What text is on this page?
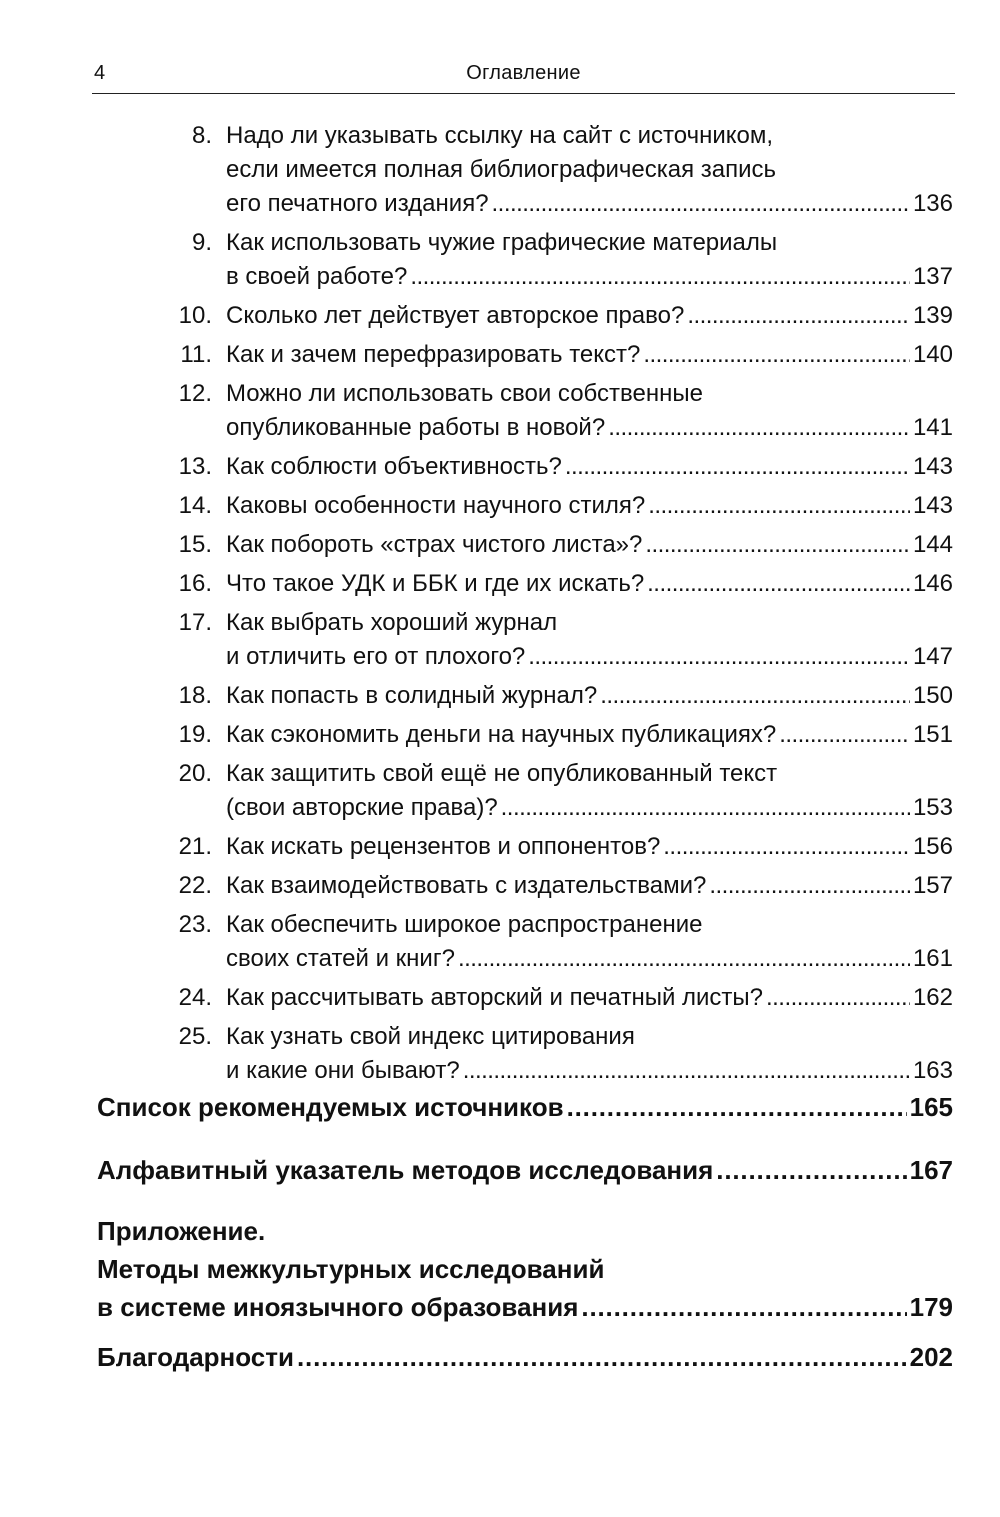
4	Оглавление
8. Надо ли указывать ссылку на сайт с источником,
если имеется полная библиографическая запись
его печатного издания? . . .	136
9. Как использовать чужие графические материалы
в своей работе? . . .	137
10. Сколько лет действует авторское право? . . .	139
11. Как и зачем перефразировать текст? . . .	140
12. Можно ли использовать свои собственные
опубликованные работы в новой? . . .	141
13. Как соблюсти объективность? . . .	143
14. Каковы особенности научного стиля? . . .	143
15. Как побороть «страх чистого листа»? . . .	144
16. Что такое УДК и ББК и где их искать? . . .	146
17. Как выбрать хороший журнал
и отличить его от плохого? . . .	147
18. Как попасть в солидный журнал? . . .	150
19. Как сэкономить деньги на научных публикациях? . . .	151
20. Как защитить свой ещё не опубликованный текст
(свои авторские права)? . . .	153
21. Как искать рецензентов и оппонентов? . . .	156
22. Как взаимодействовать с издательствами? . . .	157
23. Как обеспечить широкое распространение
своих статей и книг? . . .	161
24. Как рассчитывать авторский и печатный листы? . . .	162
25. Как узнать свой индекс цитирования
и какие они бывают? . . .	163
Список рекомендуемых источников . . .	165
Алфавитный указатель методов исследования . . .	167
Приложение.
Методы межкультурных исследований
в системе иноязычного образования . . .	179
Благодарности . . .	202
